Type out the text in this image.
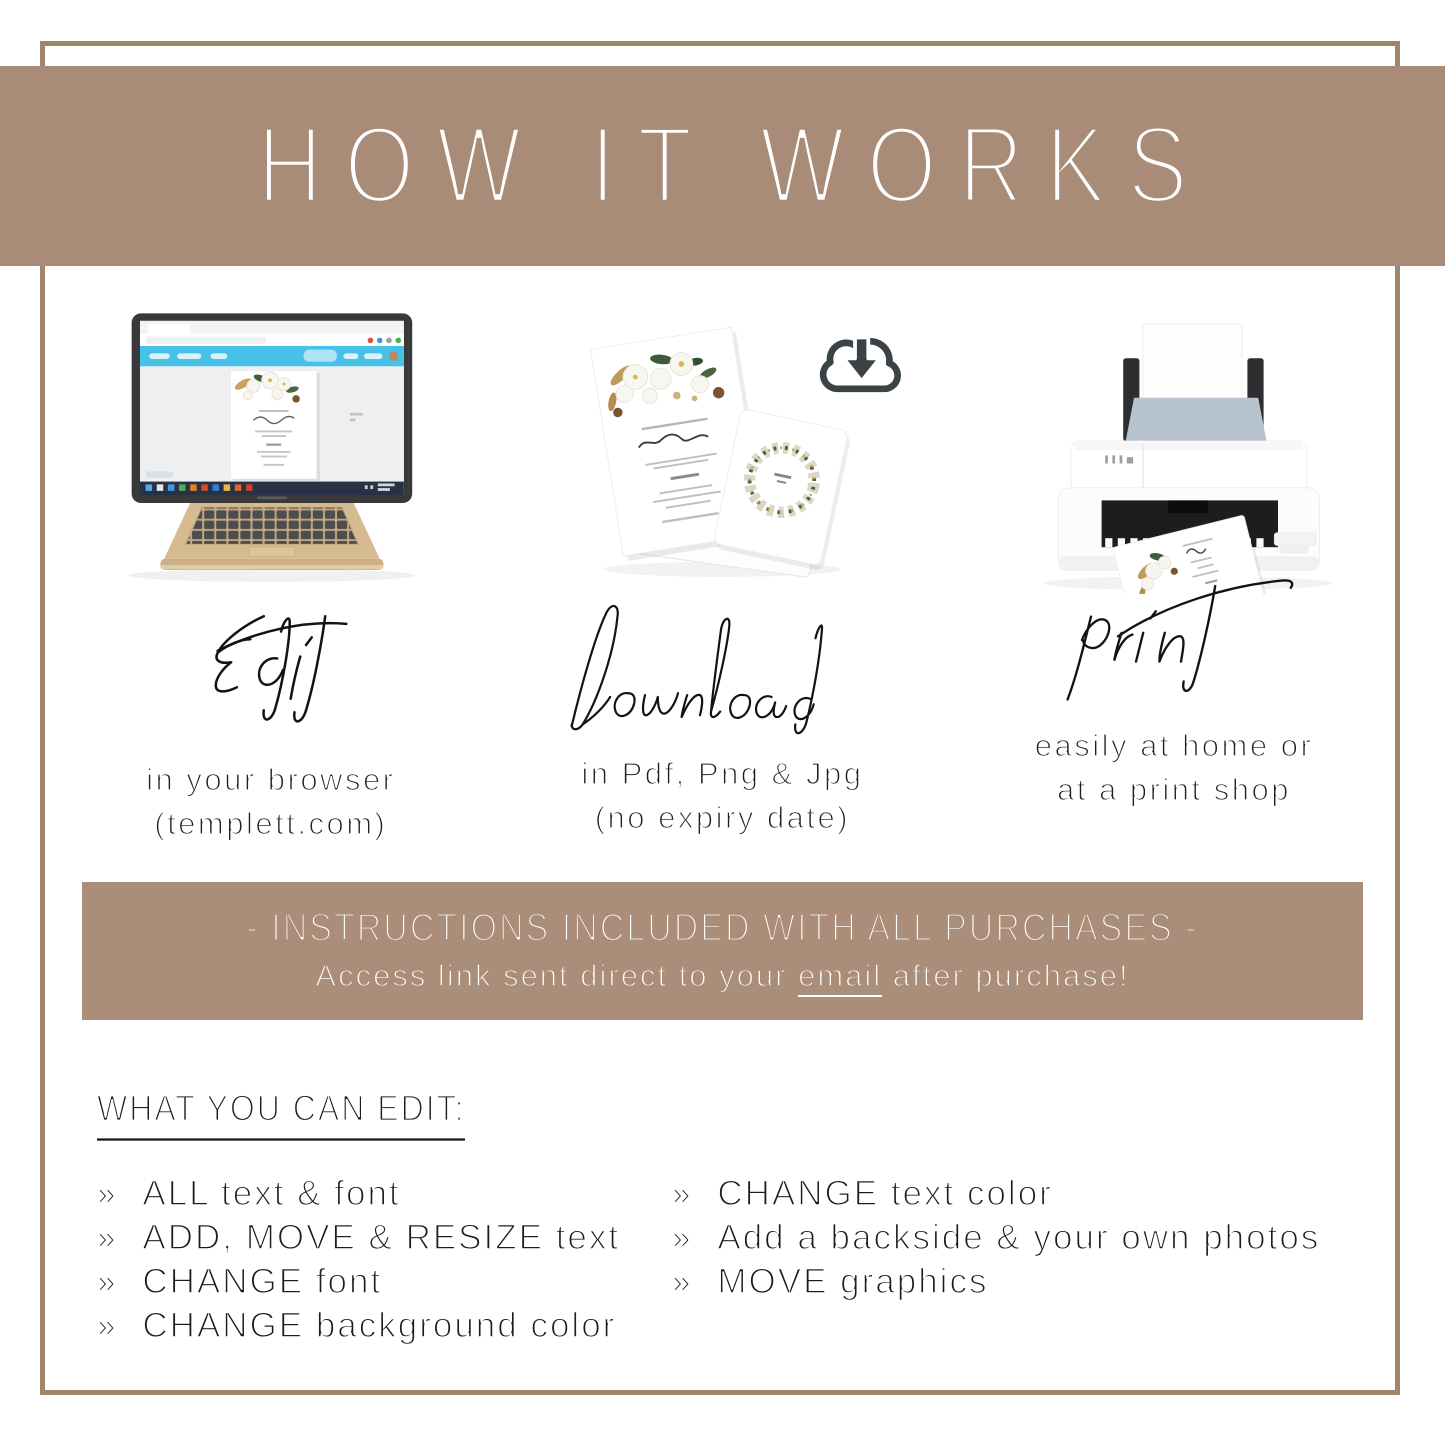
HOW IT WORKS

in your browser
(templett.com)

in Pdf, Png & Jpg
(no expiry date)

easily at home or
at a print shop

- INSTRUCTIONS INCLUDED WITH ALL PURCHASES -
Access link sent direct to your email after purchase!
WHAT YOU CAN EDIT:
» ALL text & font
» ADD, MOVE & RESIZE text
» CHANGE font
» CHANGE background color
» CHANGE text color
» Add a backside & your own photos
» MOVE graphics
